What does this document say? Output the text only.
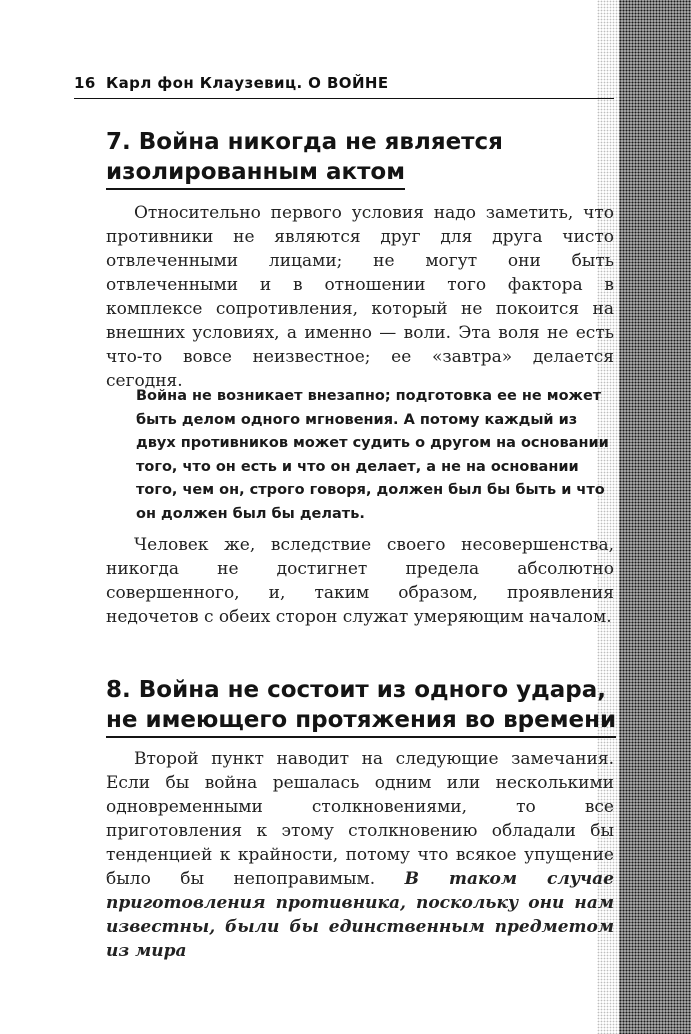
16 Карл фон Клаузевиц. О ВОЙНЕ
7. Война никогда не является
изолированным актом

Относительно первого условия надо заметить, что противники не являются друг для друга чисто отвлеченными лицами; не могут они быть отвлеченными и в отношении того фактора в комплексе сопротивления, который не покоится на внешних условиях, а именно — воли. Эта воля не есть что-то вовсе неизвестное; ее «завтра» делается сегодня.

Война не возникает внезапно; подготовка ее не может быть делом одного мгновения. А потому каждый из двух противников может судить о другом на основании того, что он есть и что он делает, а не на основании того, чем он, строго говоря, должен был бы быть и что он должен был бы делать.

Человек же, вследствие своего несовершенства, никогда не достигнет предела абсолютно совершенного, и, таким образом, проявления недочетов с обеих сторон служат умеряющим началом.

8. Война не состоит из одного удара,
не имеющего протяжения во времени

Второй пункт наводит на следующие замечания. Если бы война решалась одним или несколькими одновременными столкновениями, то все приготовления к этому столкновению обладали бы тенденцией к крайности, потому что всякое упущение было бы непоправимым. В таком случае приготовления противника, поскольку они нам известны, были бы единственным предметом из мира
